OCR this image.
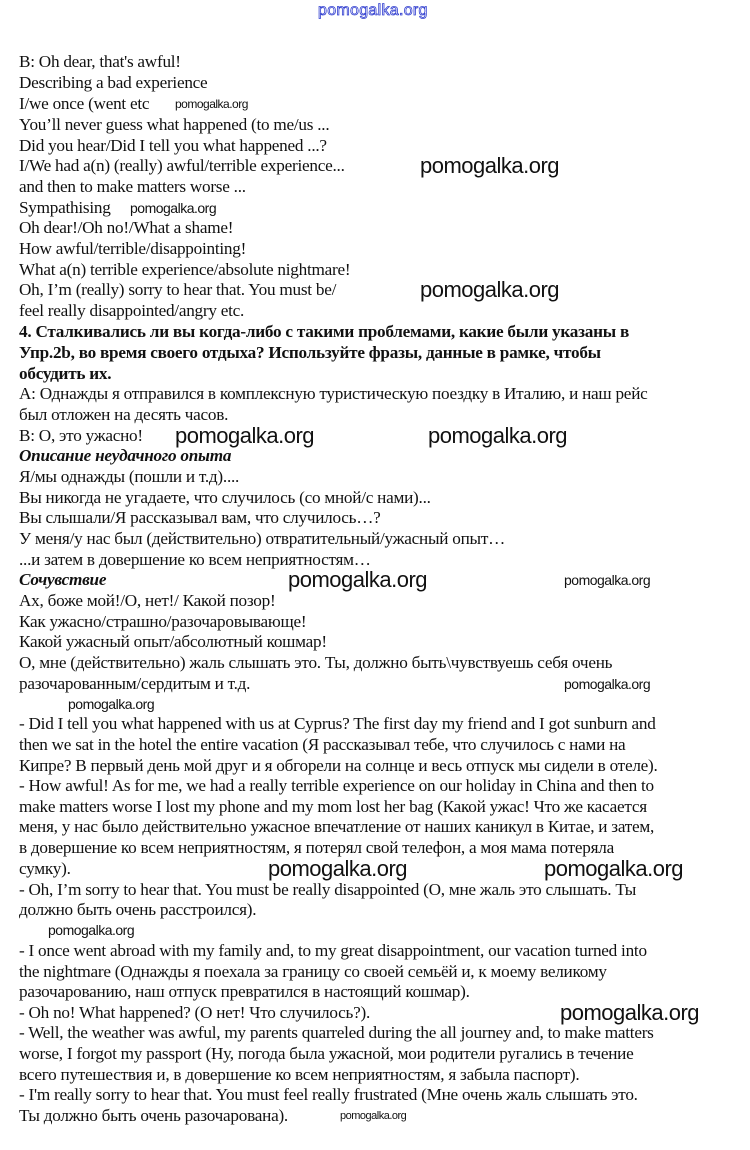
pomogalka.org
B: Oh dear, that's awful!
Describing a bad experience
I/we once (went etc
You’ll never guess what happened (to me/us ...
Did you hear/Did I tell you what happened ...?
I/We had a(n) (really) awful/terrible experience...
and then to make matters worse ...
Sympathising
Oh dear!/Oh no!/What a shame!
How awful/terrible/disappointing!
What a(n) terrible experience/absolute nightmare!
Oh, I’m (really) sorry to hear that. You must be/
feel really disappointed/angry etc.
4. Сталкивались ли вы когда-либо с такими проблемами, какие были указаны в
Упр.2b, во время своего отдыха? Используйте фразы, данные в рамке, чтобы
обсудить их.
А: Однажды я отправился в комплексную туристическую поездку в Италию, и наш рейс
был отложен на десять часов.
В: О, это ужасно!
Описание неудачного опыта
Я/мы однажды (пошли и т.д)....
Вы никогда не угадаете, что случилось (со мной/с нами)...
Вы слышали/Я рассказывал вам, что случилось…?
У меня/у нас был (действительно) отвратительный/ужасный опыт…
...и затем в довершение ко всем неприятностям…
Сочувствие
Ах, боже мой!/О, нет!/ Какой позор!
Как ужасно/страшно/разочаровывающе!
Какой ужасный опыт/абсолютный кошмар!
О, мне (действительно) жаль слышать это. Ты, должно быть\чувствуешь себя очень
разочарованным/сердитым и т.д.
- Did I tell you what happened with us at Cyprus? The first day my friend and I got sunburn and
then we sat in the hotel the entire vacation (Я рассказывал тебе, что случилось с нами на
Кипре? В первый день мой друг и я обгорели на солнце и весь отпуск мы сидели в отеле).
- How awful! As for me, we had a really terrible experience on our holiday in China and then to
make matters worse I lost my phone and my mom lost her bag (Какой ужас! Что же касается
меня, у нас было действительно ужасное впечатление от наших каникул в Китае, и затем,
в довершение ко всем неприятностям, я потерял свой телефон, а моя мама потеряла
сумку).
- Oh, I’m sorry to hear that. You must be really disappointed (О, мне жаль это слышать. Ты
должно быть очень расстроился).
- I once went abroad with my family and, to my great disappointment, our vacation turned into
the nightmare (Однажды я поехала за границу со своей семьёй и, к моему великому
разочарованию, наш отпуск превратился в настоящий кошмар).
- Oh no! What happened? (О нет! Что случилось?).
- Well, the weather was awful, my parents quarreled during the all journey and, to make matters
worse, I forgot my passport (Ну, погода была ужасной, мои родители ругались в течение
всего путешествия и, в довершение ко всем неприятностям, я забыла паспорт).
- I'm really sorry to hear that. You must feel really frustrated (Мне очень жаль слышать это.
Ты должно быть очень разочарована).
pomogalka.org
pomogalka.org
pomogalka.org
pomogalka.org
pomogalka.org	pomogalka.org
pomogalka.org	pomogalka.org
pomogalka.org
pomogalka.org
pomogalka.org	pomogalka.org
pomogalka.org
pomogalka.org
pomogalka.org
